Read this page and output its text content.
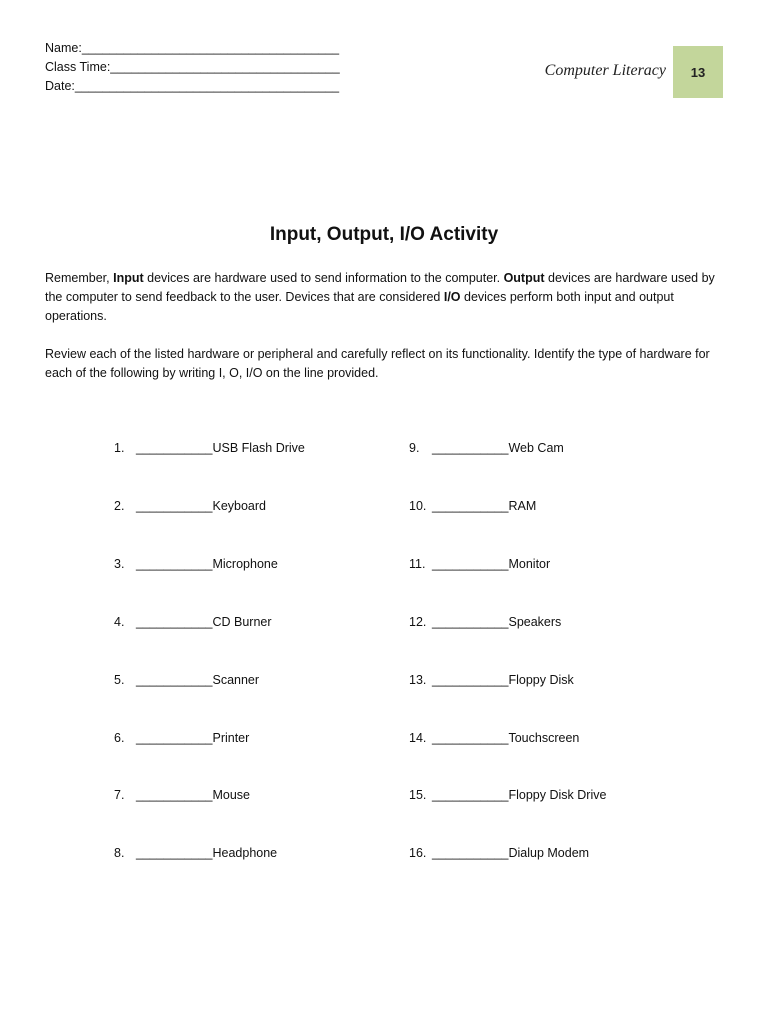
Name:_____________________________________
Class Time:_________________________________
Date:______________________________________
Computer Literacy	13
Input, Output, I/O Activity
Remember, Input devices are hardware used to send information to the computer. Output devices are hardware used by the computer to send feedback to the user. Devices that are considered I/O devices perform both input and output operations.
Review each of the listed hardware or peripheral and carefully reflect on its functionality. Identify the type of hardware for each of the following by writing I, O, I/O on the line provided.
1. ___________ USB Flash Drive
2. ___________ Keyboard
3. ___________ Microphone
4. ___________ CD Burner
5. ___________ Scanner
6. ___________ Printer
7. ___________ Mouse
8. ___________ Headphone
9.	___________ Web Cam
10. ___________ RAM
11. ___________ Monitor
12. ___________ Speakers
13. ___________ Floppy Disk
14. ___________ Touchscreen
15. ___________ Floppy Disk Drive
16. ___________ Dialup Modem
